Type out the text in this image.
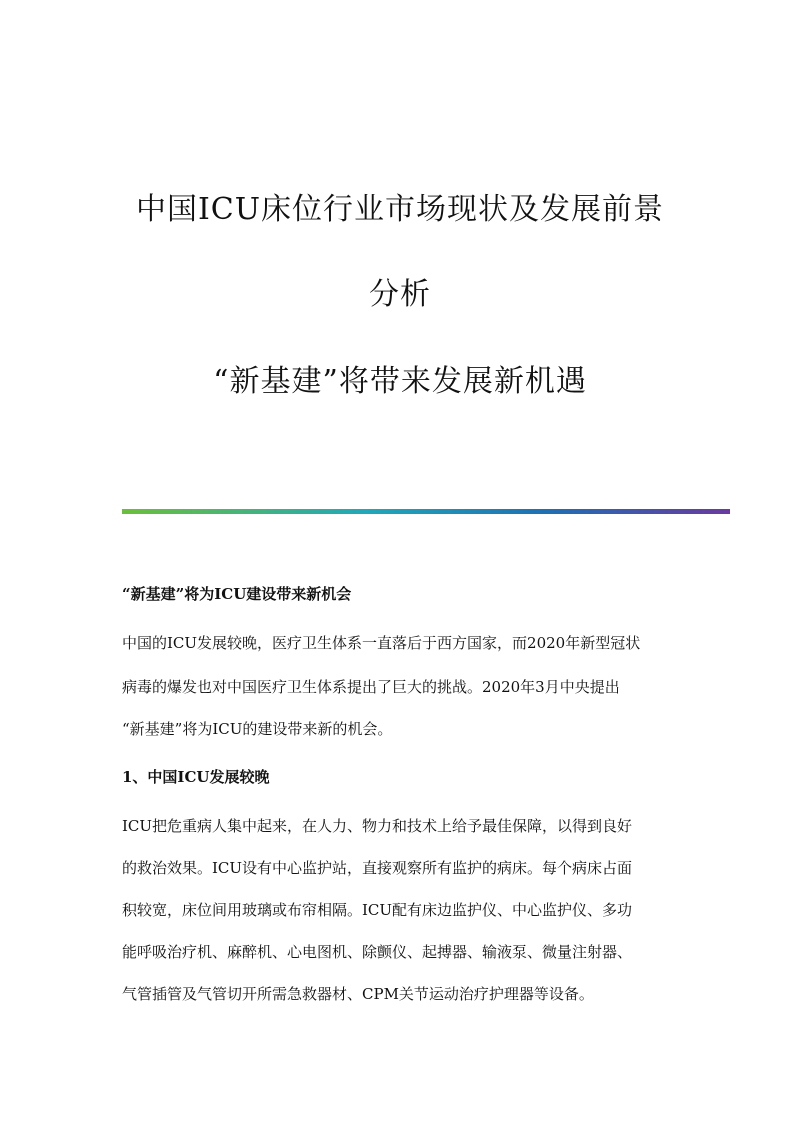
中国ICU床位行业市场现状及发展前景
分析
“新基建”将带来发展新机遇
“新基建”将为ICU建设带来新机会
中国的ICU发展较晚，医疗卫生体系一直落后于西方国家，而2020年新型冠状
病毒的爆发也对中国医疗卫生体系提出了巨大的挑战。2020年3月中央提出
“新基建”将为ICU的建设带来新的机会。
1、中国ICU发展较晚
ICU把危重病人集中起来，在人力、物力和技术上给予最佳保障，以得到良好
的救治效果。ICU设有中心监护站，直接观察所有监护的病床。每个病床占面
积较宽，床位间用玻璃或布帘相隔。ICU配有床边监护仪、中心监护仪、多功
能呼吸治疗机、麻醉机、心电图机、除颤仪、起搏器、输液泵、微量注射器、
气管插管及气管切开所需急救器材、CPM关节运动治疗护理器等设备。
